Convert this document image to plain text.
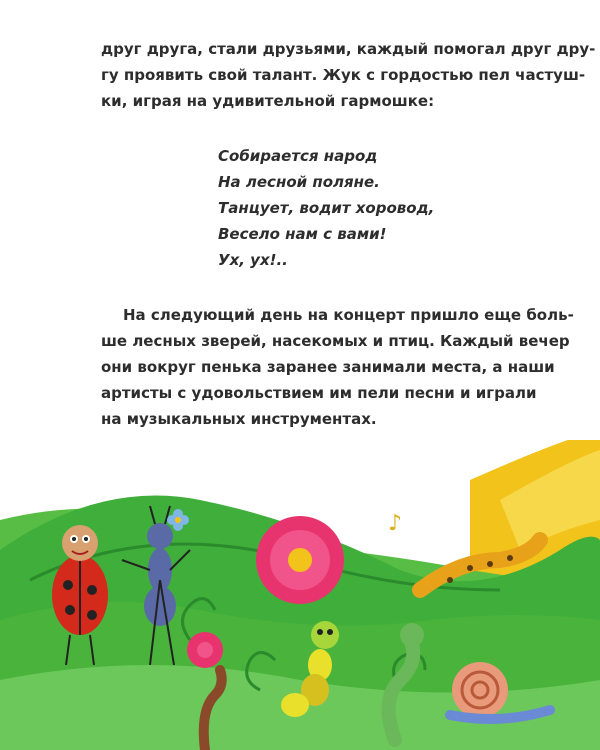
друг друга, стали друзьями, каждый помогал друг дру-
гу проявить свой талант. Жук с гордостью пел частуш-
ки, играя на удивительной гармошке:
Собирается народ
На лесной поляне.
Танцует, водит хоровод,
Весело нам с вами!
Ух, ух!..
На следующий день на концерт пришло еще боль-
ше лесных зверей, насекомых и птиц. Каждый вечер
они вокруг пенька заранее занимали места, а наши
артисты с удовольствием им пели песни и играли
на музыкальных инструментах.
♪
